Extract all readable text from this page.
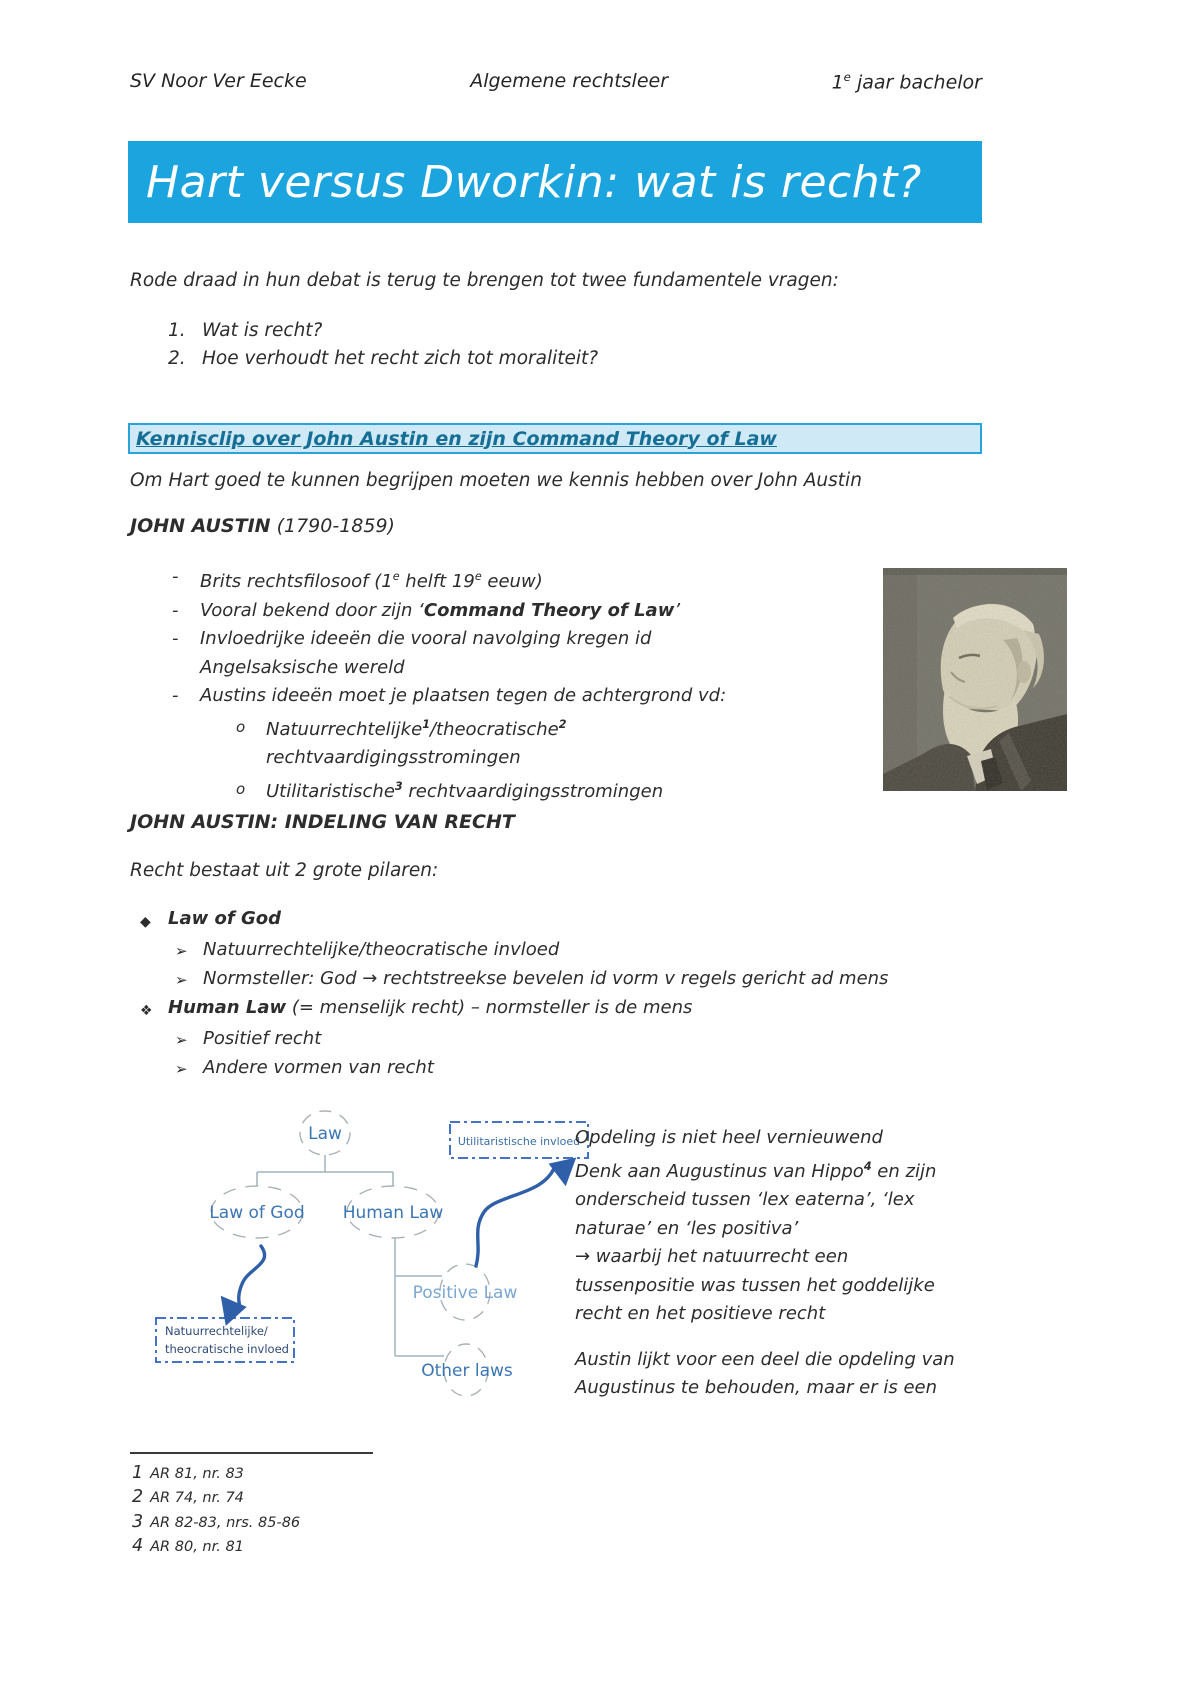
SV Noor Ver Eecke	Algemene rechtsleer	1e jaar bachelor
Hart versus Dworkin: wat is recht?
Rode draad in hun debat is terug te brengen tot twee fundamentele vragen:
1. Wat is recht?
2. Hoe verhoudt het recht zich tot moraliteit?
Kennisclip over John Austin en zijn Command Theory of Law
Om Hart goed te kunnen begrijpen moeten we kennis hebben over John Austin
JOHN AUSTIN (1790-1859)
-	Brits rechtsfilosoof (1e helft 19e eeuw)
-	Vooral bekend door zijn ‘Command Theory of Law’
-	Invloedrijke ideeën die vooral navolging kregen id
Angelsaksische wereld
-	Austins ideeën moet je plaatsen tegen de achtergrond vd:
o	Natuurrechtelijke$^1$/theocratische$^2$
rechtvaardigingsstromingen
o	Utilitaristische$^3$ rechtvaardigingsstromingen
JOHN AUSTIN: INDELING VAN RECHT
Recht bestaat uit 2 grote pilaren:
◆ Law of God
➢ Natuurrechtelijke/theocratische invloed
➢ Normsteller: God → rechtstreekse bevelen id vorm v regels gericht ad mens
❖ Human Law (= menselijk recht) – normsteller is de mens
➢ Positief recht
➢ Andere vormen van recht
Law
Law of God Human Law
Positive Law
Other laws
Utilitaristische invloed
Natuurrechtelijke/
theocratische invloed
Opdeling is niet heel vernieuwend
Denk aan Augustinus van Hippo$^4$ en zijn
onderscheid tussen ‘lex eaterna’, ‘lex
naturae’ en ‘les positiva’
→ waarbij het natuurrecht een
tussenpositie was tussen het goddelijke
recht en het positieve recht
Austin lijkt voor een deel die opdeling van
Augustinus te behouden, maar er is een
1 AR 81, nr. 83
2 AR 74, nr. 74
3 AR 82-83, nrs. 85-86
4 AR 80, nr. 81
